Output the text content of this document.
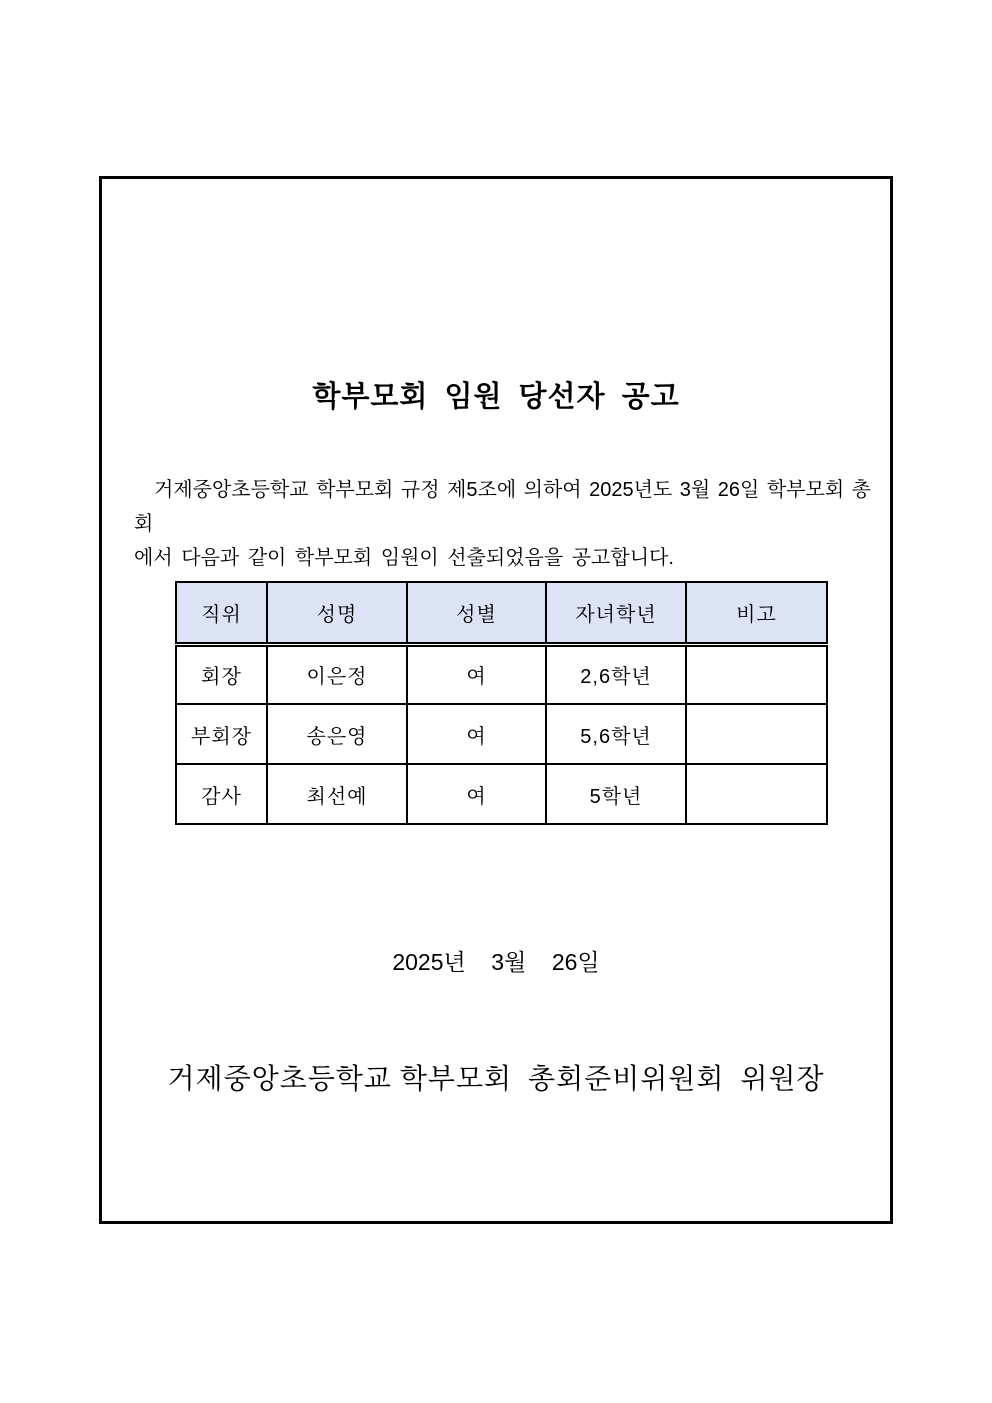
학부모회 임원 당선자 공고
거제중앙초등학교 학부모회 규정 제5조에 의하여 2025년도 3월 26일 학부모회 총회
에서 다음과 같이 학부모회 임원이 선출되었음을 공고합니다.
직위	성명	성별	자녀학년	비고
회장	이은정	여	2,6학년	
부회장	송은영	여	5,6학년	
감사	최선예	여	5학년	
2025년    3월    26일
거제중앙초등학교 학부모회  총회준비위원회  위원장
